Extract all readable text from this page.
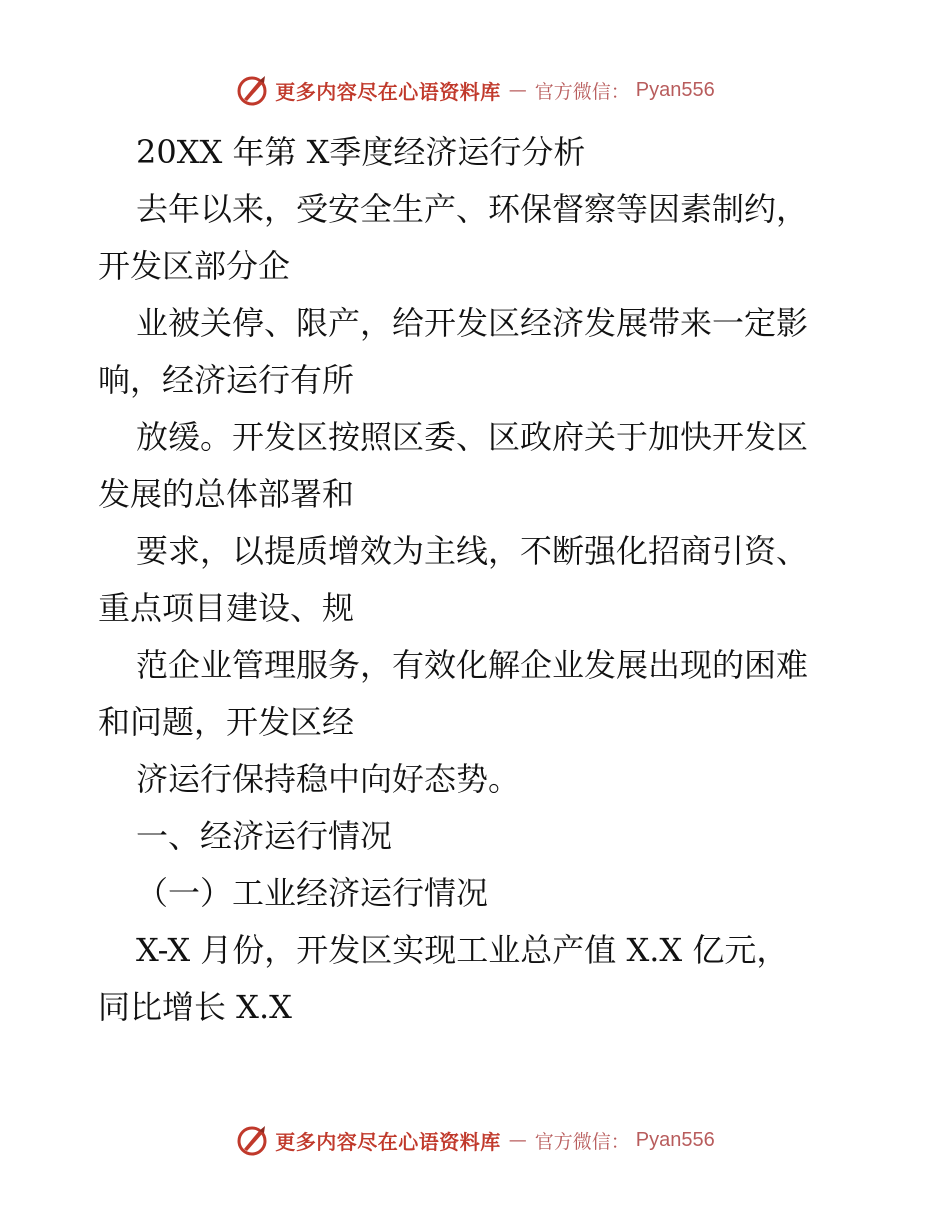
更多内容尽在心语资料库 — 官方微信： Pyan556

20XX 年第 X季度经济运行分析

去年以来，受安全生产、环保督察等因素制约，

开发区部分企

业被关停、限产，给开发区经济发展带来一定影

响，经济运行有所

放缓。开发区按照区委、区政府关于加快开发区

发展的总体部署和

要求，以提质增效为主线，不断强化招商引资、

重点项目建设、规

范企业管理服务，有效化解企业发展出现的困难

和问题，开发区经

济运行保持稳中向好态势。

一、经济运行情况

（一）工业经济运行情况

X-X 月份，开发区实现工业总产值 X.X 亿元，

同比增长 X.X

更多内容尽在心语资料库 — 官方微信： Pyan556
